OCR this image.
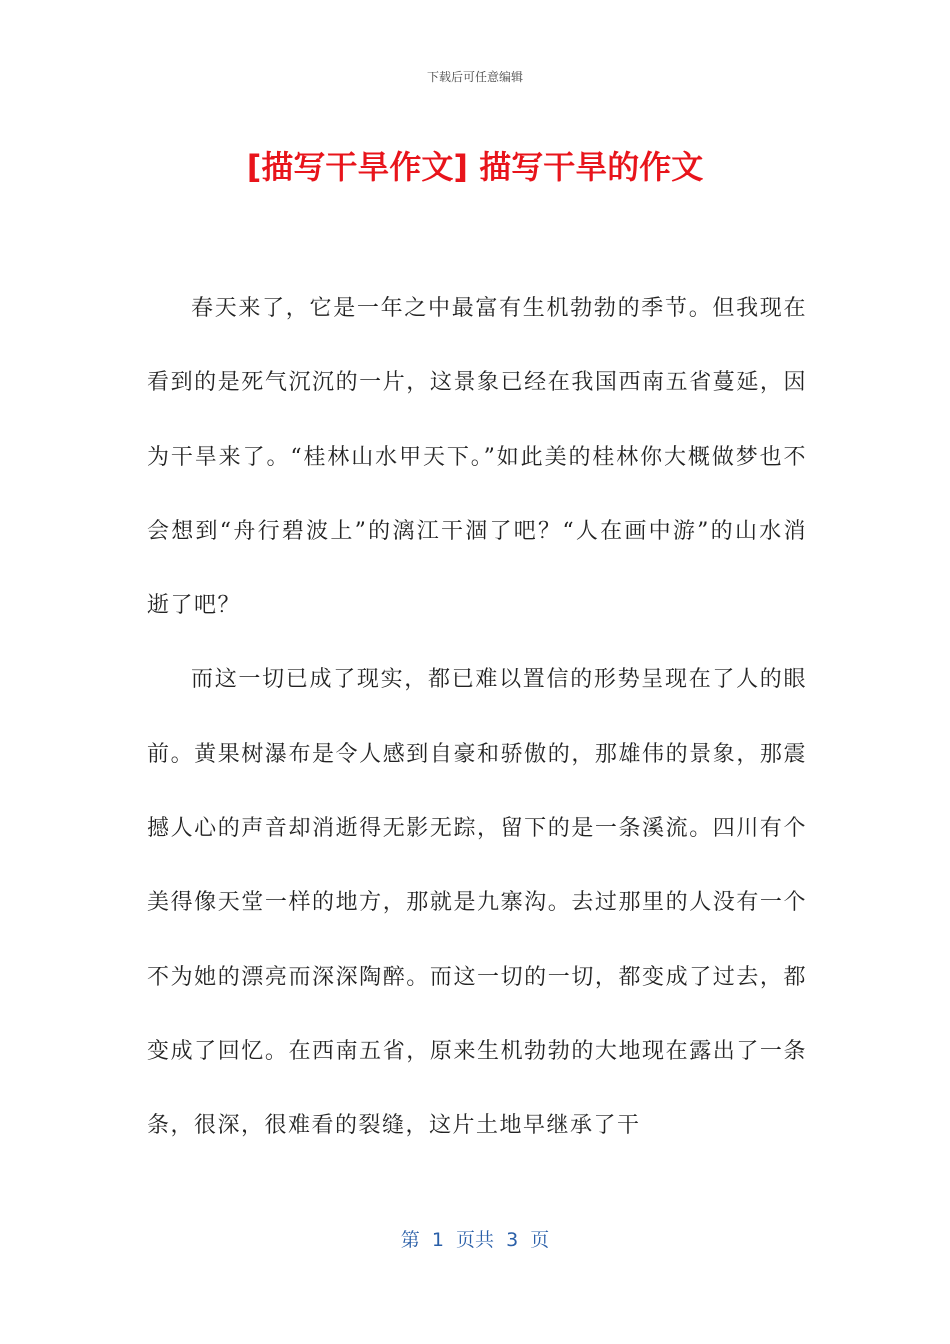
下载后可任意编辑
[描写干旱作文] 描写干旱的作文

春天来了，它是一年之中最富有生机勃勃的季节。但我现在看到的是死气沉沉的一片，这景象已经在我国西南五省蔓延，因为干旱来了。“桂林山水甲天下。”如此美的桂林你大概做梦也不会想到“舟行碧波上”的漓江干涸了吧？“人在画中游”的山水消逝了吧？

而这一切已成了现实，都已难以置信的形势呈现在了人的眼前。黄果树瀑布是令人感到自豪和骄傲的，那雄伟的景象，那震撼人心的声音却消逝得无影无踪，留下的是一条溪流。四川有个美得像天堂一样的地方，那就是九寨沟。去过那里的人没有一个不为她的漂亮而深深陶醉。而这一切的一切，都变成了过去，都变成了回忆。在西南五省，原来生机勃勃的大地现在露出了一条条，很深，很难看的裂缝，这片土地早继承了干

第  1  页共  3  页
